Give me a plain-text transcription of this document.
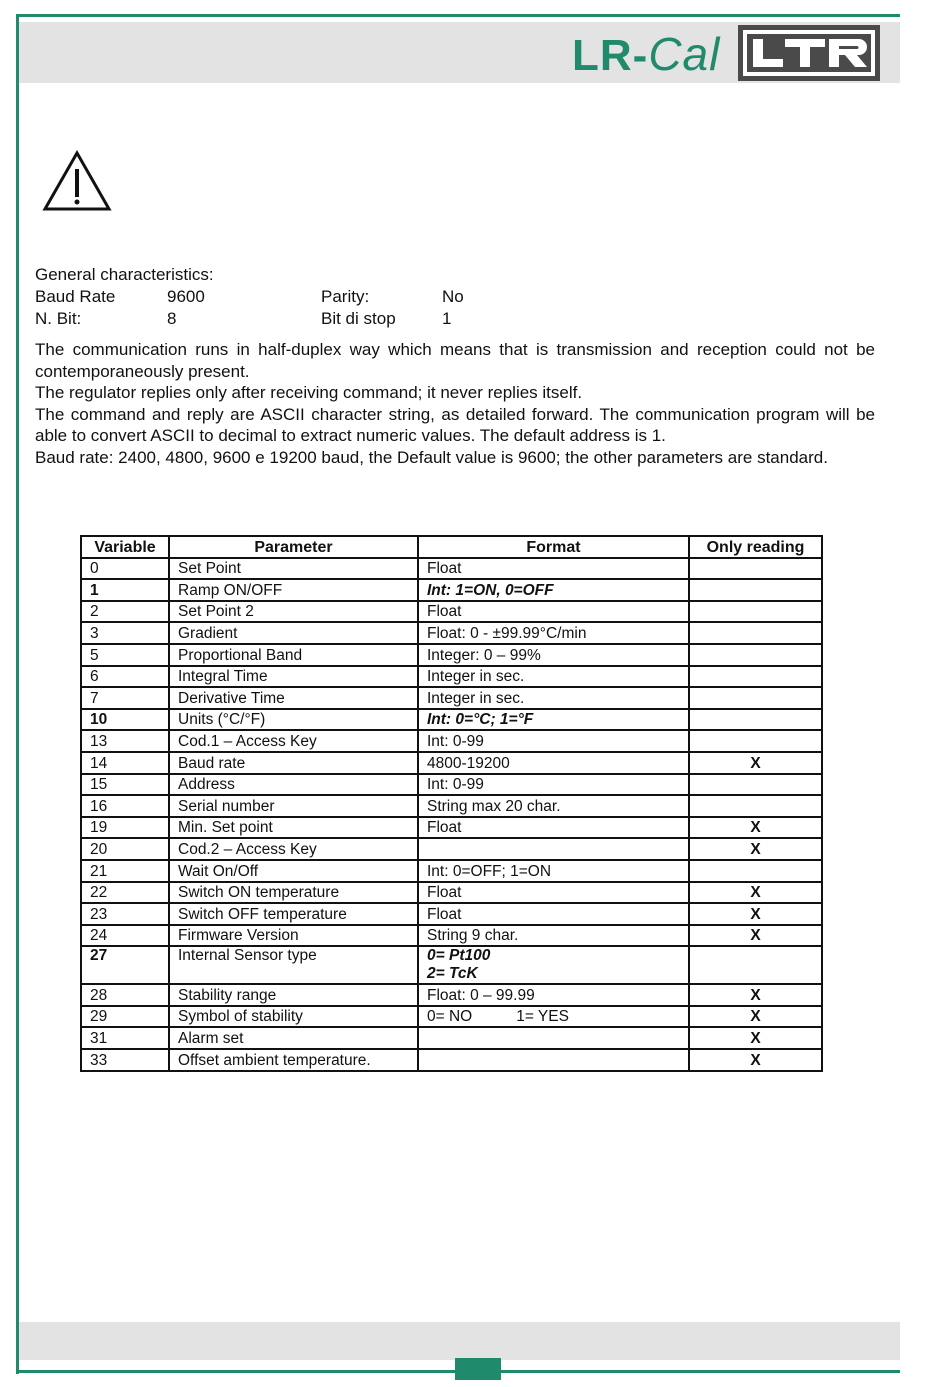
LR-Cal
General characteristics:
Baud Rate	9600	Parity:	No
N. Bit:	8	Bit di stop	1

The communication runs in half-duplex way which means that is transmission and reception could not be contemporaneously present.

The regulator replies only after receiving command; it never replies itself.

The command and reply are ASCII character string, as detailed forward. The communication program will be able to convert ASCII to decimal to extract numeric values. The default address is 1.

Baud rate: 2400, 4800, 9600 e 19200 baud, the Default value is 9600; the other parameters are standard.

Variable	Parameter	Format	Only reading
0	Set Point	Float	
1	Ramp ON/OFF	Int: 1=ON, 0=OFF	
2	Set Point 2	Float	
3	Gradient	Float: 0 - ±99.99°C/min	
5	Proportional Band	Integer: 0 – 99%	
6	Integral Time	Integer in sec.	
7	Derivative Time	Integer in sec.	
10	Units (°C/°F)	Int: 0=°C; 1=°F	
13	Cod.1 – Access Key	Int: 0-99	
14	Baud rate	4800-19200	X
15	Address	Int: 0-99	
16	Serial number	String max 20 char.	
19	Min. Set point	Float	X
20	Cod.2 – Access Key		X
21	Wait On/Off	Int: 0=OFF; 1=ON	
22	Switch ON temperature	Float	X
23	Switch OFF temperature	Float	X
24	Firmware Version	String 9 char.	X
27	Internal Sensor type	0= Pt100
2= TcK	
28	Stability range	Float: 0 – 99.99	X
29	Symbol of stability	0= NO 1= YES	X
31	Alarm set		X
33	Offset ambient temperature.		X
